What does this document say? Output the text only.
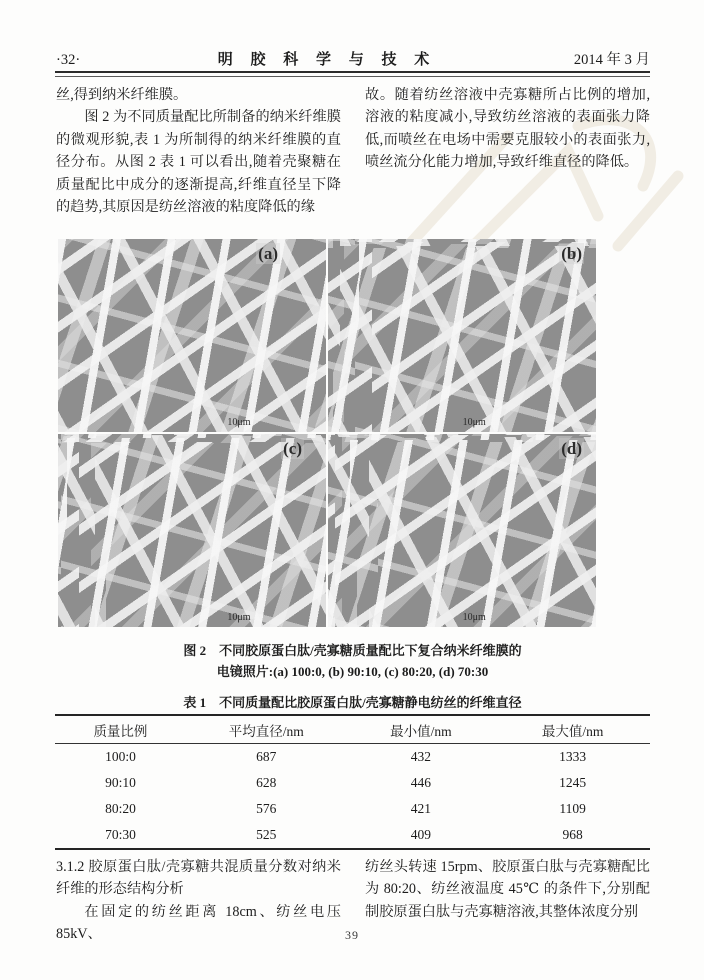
·32·	明 胶 科 学 与 技 术	2014 年 3 月

丝,得到纳米纤维膜。

图 2 为不同质量配比所制备的纳米纤维膜的微观形貌,表 1 为所制得的纳米纤维膜的直径分布。从图 2 表 1 可以看出,随着壳聚糖在质量配比中成分的逐渐提高,纤维直径呈下降的趋势,其原因是纺丝溶液的粘度降低的缘

故。随着纺丝溶液中壳寡糖所占比例的增加,溶液的粘度减小,导致纺丝溶液的表面张力降低,而喷丝在电场中需要克服较小的表面张力,喷丝流分化能力增加,导致纤维直径的降低。

(a)
10μm
(b)
10μm
(c)
10μm
(d)
10μm
图 2　不同胶原蛋白肽/壳寡糖质量配比下复合纳米纤维膜的
电镜照片:(a) 100:0, (b) 90:10, (c) 80:20, (d) 70:30
表 1　不同质量配比胶原蛋白肽/壳寡糖静电纺丝的纤维直径
质量比例	平均直径/nm	最小值/nm	最大值/nm
100:0	687	432	1333
90:10	628	446	1245
80:20	576	421	1109
70:30	525	409	968

3.1.2 胶原蛋白肽/壳寡糖共混质量分数对纳米纤维的形态结构分析

在固定的纺丝距离 18cm、纺丝电压 85kV、

纺丝头转速 15rpm、胶原蛋白肽与壳寡糖配比为 80:20、纺丝液温度 45℃ 的条件下,分别配制胶原蛋白肽与壳寡糖溶液,其整体浓度分别

39
